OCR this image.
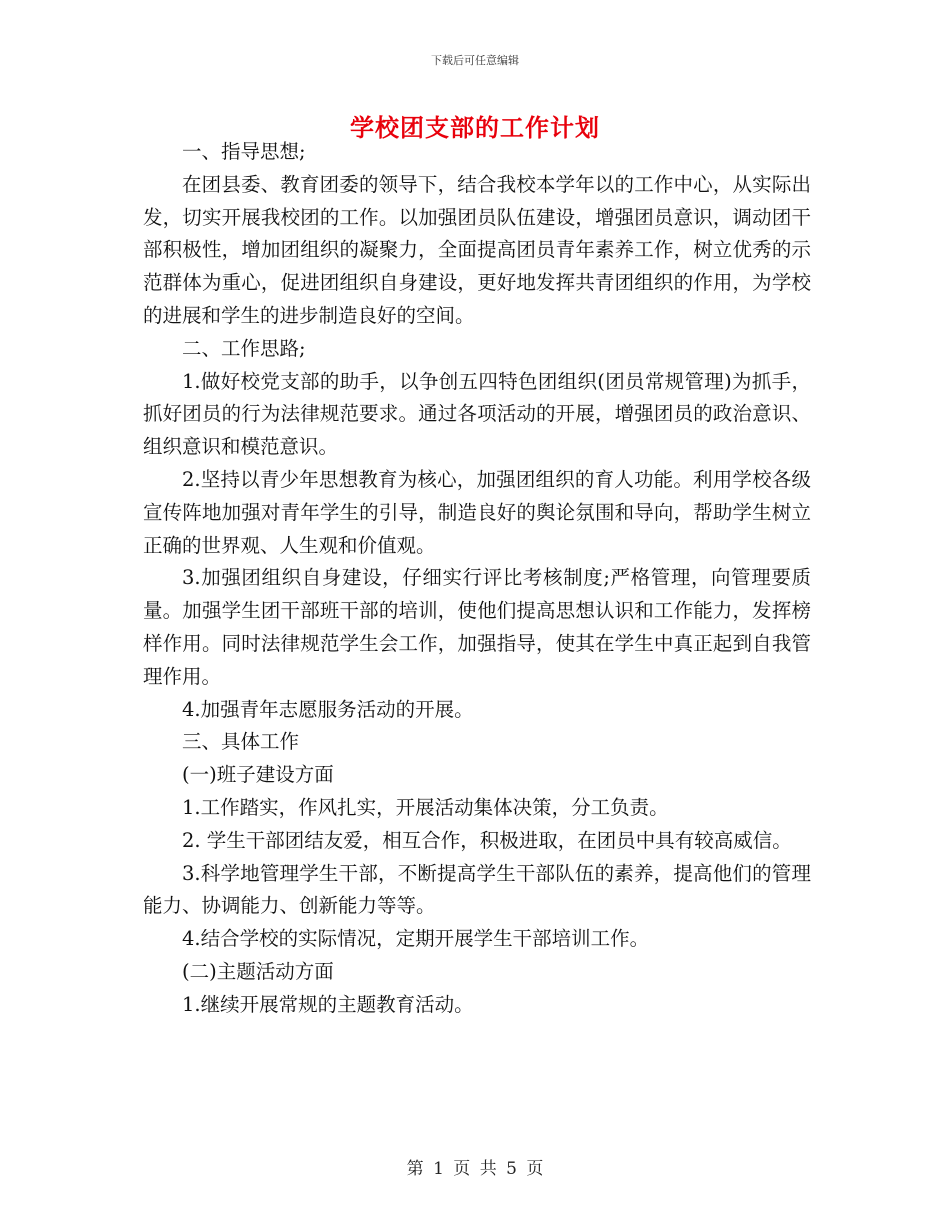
下载后可任意编辑
学校团支部的工作计划

一、指导思想;

在团县委、教育团委的领导下，结合我校本学年以的工作中心，从实际出发，切实开展我校团的工作。以加强团员队伍建设，增强团员意识，调动团干部积极性，增加团组织的凝聚力，全面提高团员青年素养工作，树立优秀的示范群体为重心，促进团组织自身建设，更好地发挥共青团组织的作用，为学校的进展和学生的进步制造良好的空间。

二、工作思路;

1.做好校党支部的助手，以争创五四特色团组织(团员常规管理)为抓手，抓好团员的行为法律规范要求。通过各项活动的开展，增强团员的政治意识、组织意识和模范意识。

2.坚持以青少年思想教育为核心，加强团组织的育人功能。利用学校各级宣传阵地加强对青年学生的引导，制造良好的舆论氛围和导向，帮助学生树立正确的世界观、人生观和价值观。

3.加强团组织自身建设，仔细实行评比考核制度;严格管理，向管理要质量。加强学生团干部班干部的培训，使他们提高思想认识和工作能力，发挥榜样作用。同时法律规范学生会工作，加强指导，使其在学生中真正起到自我管理作用。

4.加强青年志愿服务活动的开展。

三、具体工作

(一)班子建设方面

1.工作踏实，作风扎实，开展活动集体决策，分工负责。

2. 学生干部团结友爱，相互合作，积极进取，在团员中具有较高威信。

3.科学地管理学生干部，不断提高学生干部队伍的素养，提高他们的管理能力、协调能力、创新能力等等。

4.结合学校的实际情况，定期开展学生干部培训工作。

(二)主题活动方面

1.继续开展常规的主题教育活动。

第 1 页 共 5 页
